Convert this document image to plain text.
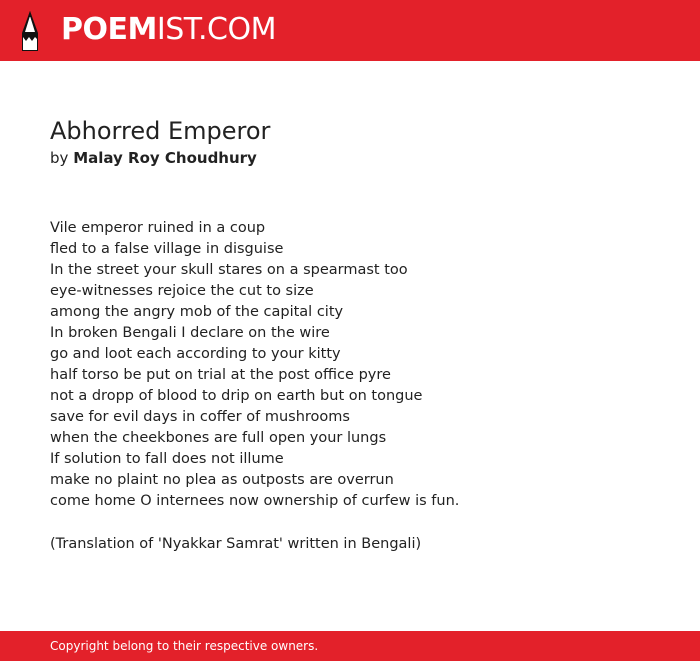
POEMIST.COM
Abhorred Emperor
by Malay Roy Choudhury
Vile emperor ruined in a coup
fled to a false village in disguise
In the street your skull stares on a spearmast too
eye-witnesses rejoice the cut to size
among the angry mob of the capital city
In broken Bengali I declare on the wire
go and loot each according to your kitty
half torso be put on trial at the post office pyre
not a dropp of blood to drip on earth but on tongue
save for evil days in coffer of mushrooms
when the cheekbones are full open your lungs
If solution to fall does not illume
make no plaint no plea as outposts are overrun
come home O internees now ownership of curfew is fun.
(Translation of 'Nyakkar Samrat' written in Bengali)
Copyright belong to their respective owners.
